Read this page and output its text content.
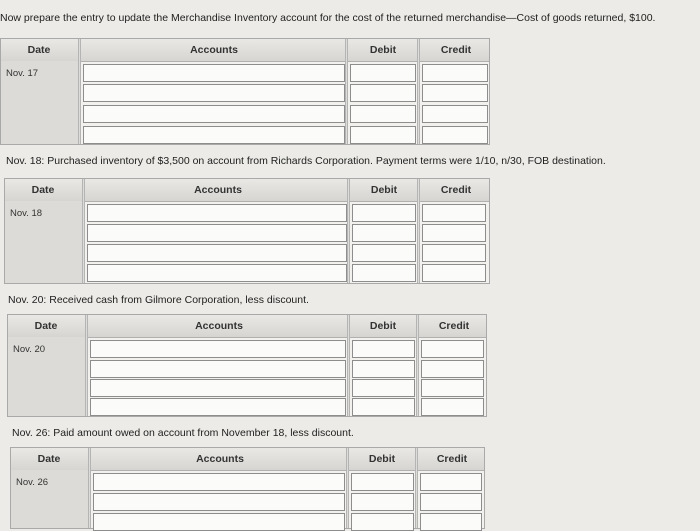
Now prepare the entry to update the Merchandise Inventory account for the cost of the returned merchandise—Cost of goods returned, $100.
Date	Accounts	Debit	Credit
Nov. 17
Nov. 18: Purchased inventory of $3,500 on account from Richards Corporation. Payment terms were 1/10, n/30, FOB destination.
Date	Accounts	Debit	Credit
Nov. 18
Nov. 20: Received cash from Gilmore Corporation, less discount.
Date	Accounts	Debit	Credit
Nov. 20
Nov. 26: Paid amount owed on account from November 18, less discount.
Date	Accounts	Debit	Credit
Nov. 26
